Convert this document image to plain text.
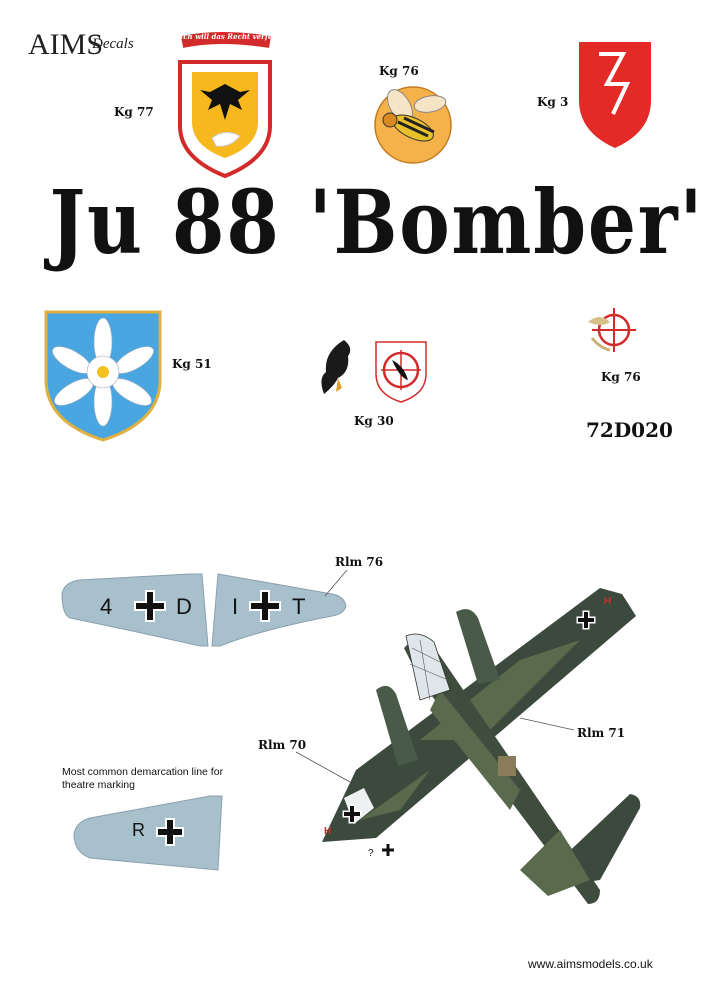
AIMS
Decals	Ich will das Recht verfechten
Kg 77
Kg 76
Kg 3
Ju 88 'Bomber'
Kg 51
Kg 30
Kg 76
72D020
4	D I T
Rlm 76
Rlm 71
Rlm 70
H
H
?
Most common demarcation line for theatre marking
R
www.aimsmodels.co.uk
